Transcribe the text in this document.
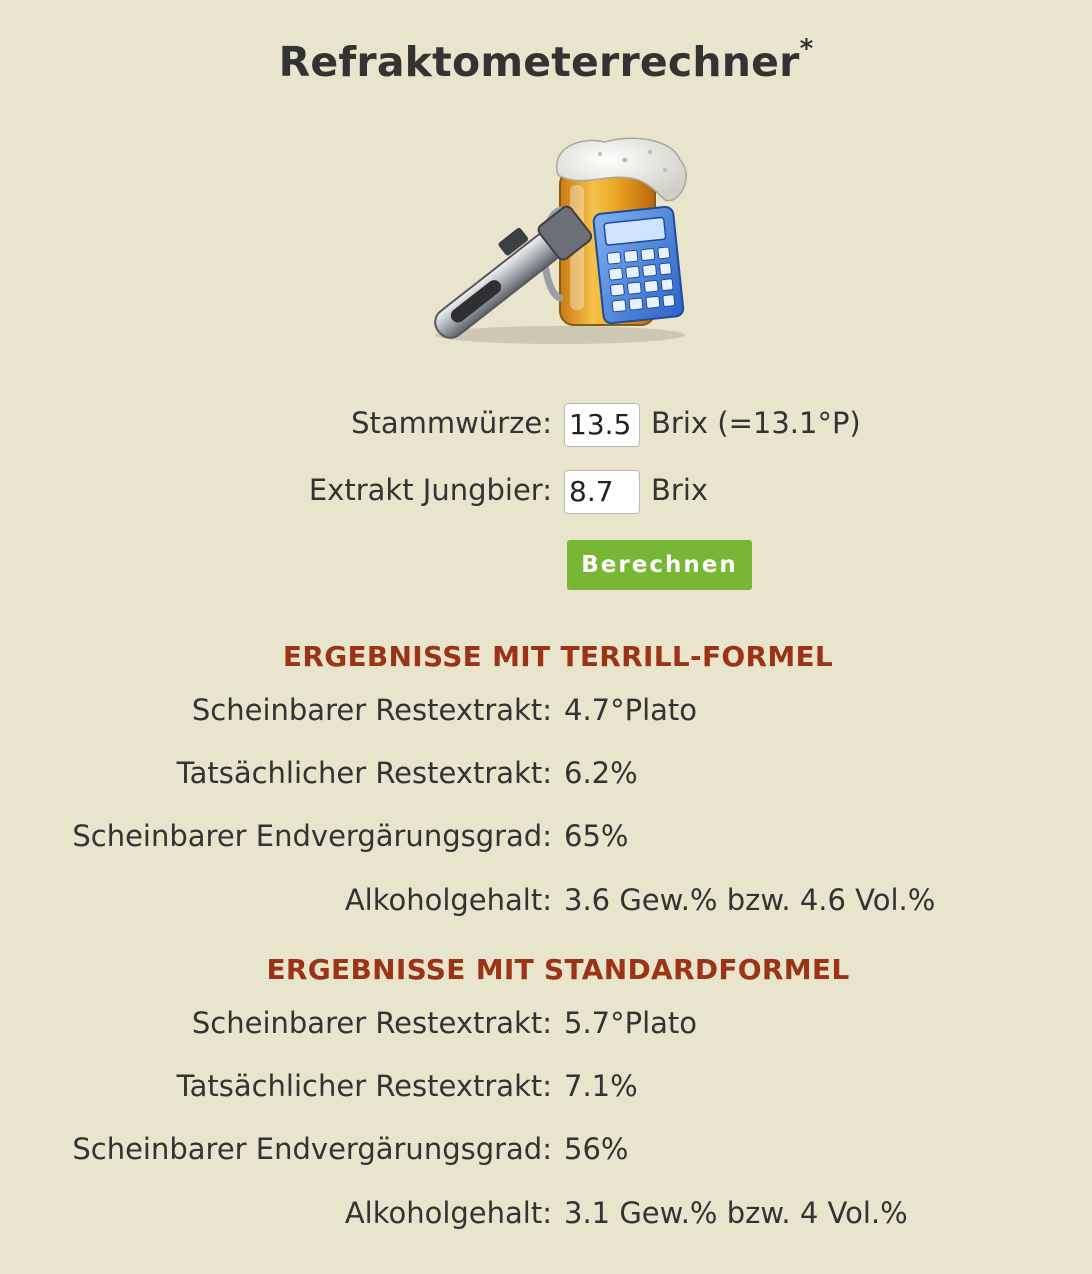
Refraktometerrechner*
Stammwürze: 13.5 Brix (=13.1°P)
Extrakt Jungbier: 8.7	Brix
Berechnen
ERGEBNISSE MIT TERRILL-FORMEL
Scheinbarer Restextrakt: 4.7°Plato
Tatsächlicher Restextrakt: 6.2%
Scheinbarer Endvergärungsgrad: 65%
Alkoholgehalt: 3.6 Gew.% bzw. 4.6 Vol.%
ERGEBNISSE MIT STANDARDFORMEL
Scheinbarer Restextrakt: 5.7°Plato
Tatsächlicher Restextrakt: 7.1%
Scheinbarer Endvergärungsgrad: 56%
Alkoholgehalt: 3.1 Gew.% bzw. 4 Vol.%
